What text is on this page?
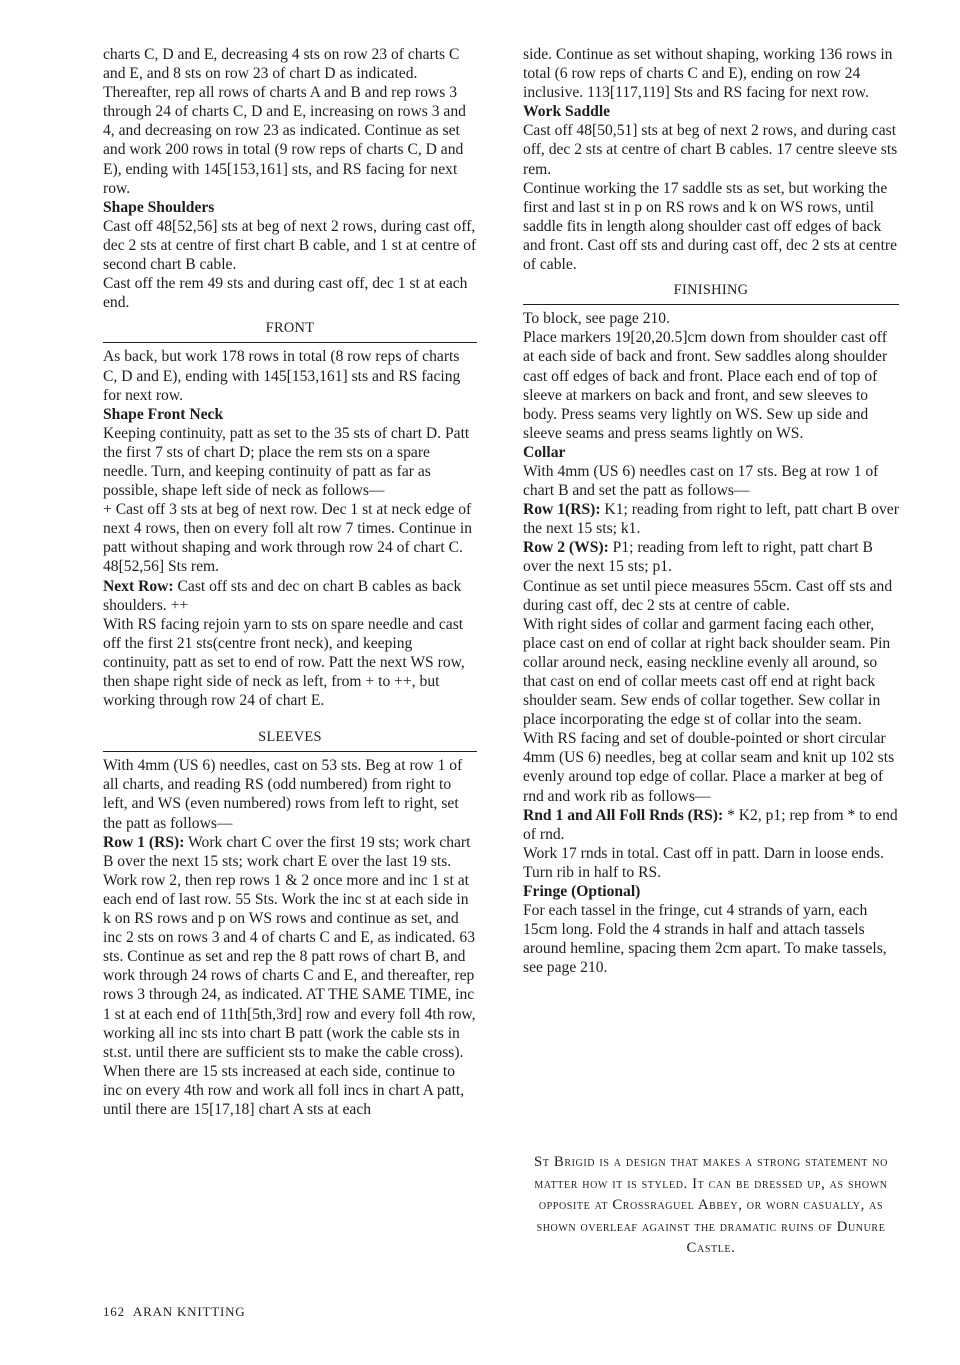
charts C, D and E, decreasing 4 sts on row 23 of charts C and E, and 8 sts on row 23 of chart D as indicated. Thereafter, rep all rows of charts A and B and rep rows 3 through 24 of charts C, D and E, increasing on rows 3 and 4, and decreasing on row 23 as indicated. Continue as set and work 200 rows in total (9 row reps of charts C, D and E), ending with 145[153,161] sts, and RS facing for next row.

Shape Shoulders

Cast off 48[52,56] sts at beg of next 2 rows, during cast off, dec 2 sts at centre of first chart B cable, and 1 st at centre of second chart B cable.

Cast off the rem 49 sts and during cast off, dec 1 st at each end.

FRONT

As back, but work 178 rows in total (8 row reps of charts C, D and E), ending with 145[153,161] sts and RS facing for next row.

Shape Front Neck

Keeping continuity, patt as set to the 35 sts of chart D. Patt the first 7 sts of chart D; place the rem sts on a spare needle. Turn, and keeping continuity of patt as far as possible, shape left side of neck as follows—

+ Cast off 3 sts at beg of next row. Dec 1 st at neck edge of next 4 rows, then on every foll alt row 7 times. Continue in patt without shaping and work through row 24 of chart C. 48[52,56] Sts rem.

Next Row: Cast off sts and dec on chart B cables as back shoulders. ++

With RS facing rejoin yarn to sts on spare needle and cast off the first 21 sts(centre front neck), and keeping continuity, patt as set to end of row. Patt the next WS row, then shape right side of neck as left, from + to ++, but working through row 24 of chart E.

SLEEVES

With 4mm (US 6) needles, cast on 53 sts. Beg at row 1 of all charts, and reading RS (odd numbered) from right to left, and WS (even numbered) rows from left to right, set the patt as follows—

Row 1 (RS): Work chart C over the first 19 sts; work chart B over the next 15 sts; work chart E over the last 19 sts.

Work row 2, then rep rows 1 & 2 once more and inc 1 st at each end of last row. 55 Sts. Work the inc st at each side in k on RS rows and p on WS rows and continue as set, and inc 2 sts on rows 3 and 4 of charts C and E, as indicated. 63 sts. Continue as set and rep the 8 patt rows of chart B, and work through 24 rows of charts C and E, and thereafter, rep rows 3 through 24, as indicated. AT THE SAME TIME, inc 1 st at each end of 11th[5th,3rd] row and every foll 4th row, working all inc sts into chart B patt (work the cable sts in st.st. until there are sufficient sts to make the cable cross). When there are 15 sts increased at each side, continue to inc on every 4th row and work all foll incs in chart A patt, until there are 15[17,18] chart A sts at each

side. Continue as set without shaping, working 136 rows in total (6 row reps of charts C and E), ending on row 24 inclusive. 113[117,119] Sts and RS facing for next row.

Work Saddle

Cast off 48[50,51] sts at beg of next 2 rows, and during cast off, dec 2 sts at centre of chart B cables. 17 centre sleeve sts rem.

Continue working the 17 saddle sts as set, but working the first and last st in p on RS rows and k on WS rows, until saddle fits in length along shoulder cast off edges of back and front. Cast off sts and during cast off, dec 2 sts at centre of cable.

FINISHING

To block, see page 210.

Place markers 19[20,20.5]cm down from shoulder cast off at each side of back and front. Sew saddles along shoulder cast off edges of back and front. Place each end of top of sleeve at markers on back and front, and sew sleeves to body. Press seams very lightly on WS. Sew up side and sleeve seams and press seams lightly on WS.

Collar

With 4mm (US 6) needles cast on 17 sts. Beg at row 1 of chart B and set the patt as follows—

Row 1(RS): K1; reading from right to left, patt chart B over the next 15 sts; k1.

Row 2 (WS): P1; reading from left to right, patt chart B over the next 15 sts; p1.

Continue as set until piece measures 55cm. Cast off sts and during cast off, dec 2 sts at centre of cable.

With right sides of collar and garment facing each other, place cast on end of collar at right back shoulder seam. Pin collar around neck, easing neckline evenly all around, so that cast on end of collar meets cast off end at right back shoulder seam. Sew ends of collar together. Sew collar in place incorporating the edge st of collar into the seam.

With RS facing and set of double-pointed or short circular 4mm (US 6) needles, beg at collar seam and knit up 102 sts evenly around top edge of collar. Place a marker at beg of rnd and work rib as follows—

Rnd 1 and All Foll Rnds (RS): * K2, p1; rep from * to end of rnd.

Work 17 rnds in total. Cast off in patt. Darn in loose ends. Turn rib in half to RS.

Fringe (Optional)

For each tassel in the fringe, cut 4 strands of yarn, each 15cm long. Fold the 4 strands in half and attach tassels around hemline, spacing them 2cm apart. To make tassels, see page 210.

St Brigid is a design that makes a strong statement no matter how it is styled. It can be dressed up, as shown opposite at Crossraguel Abbey, or worn casually, as shown overleaf against the dramatic ruins of Dunure Castle.
162 ARAN KNITTING
